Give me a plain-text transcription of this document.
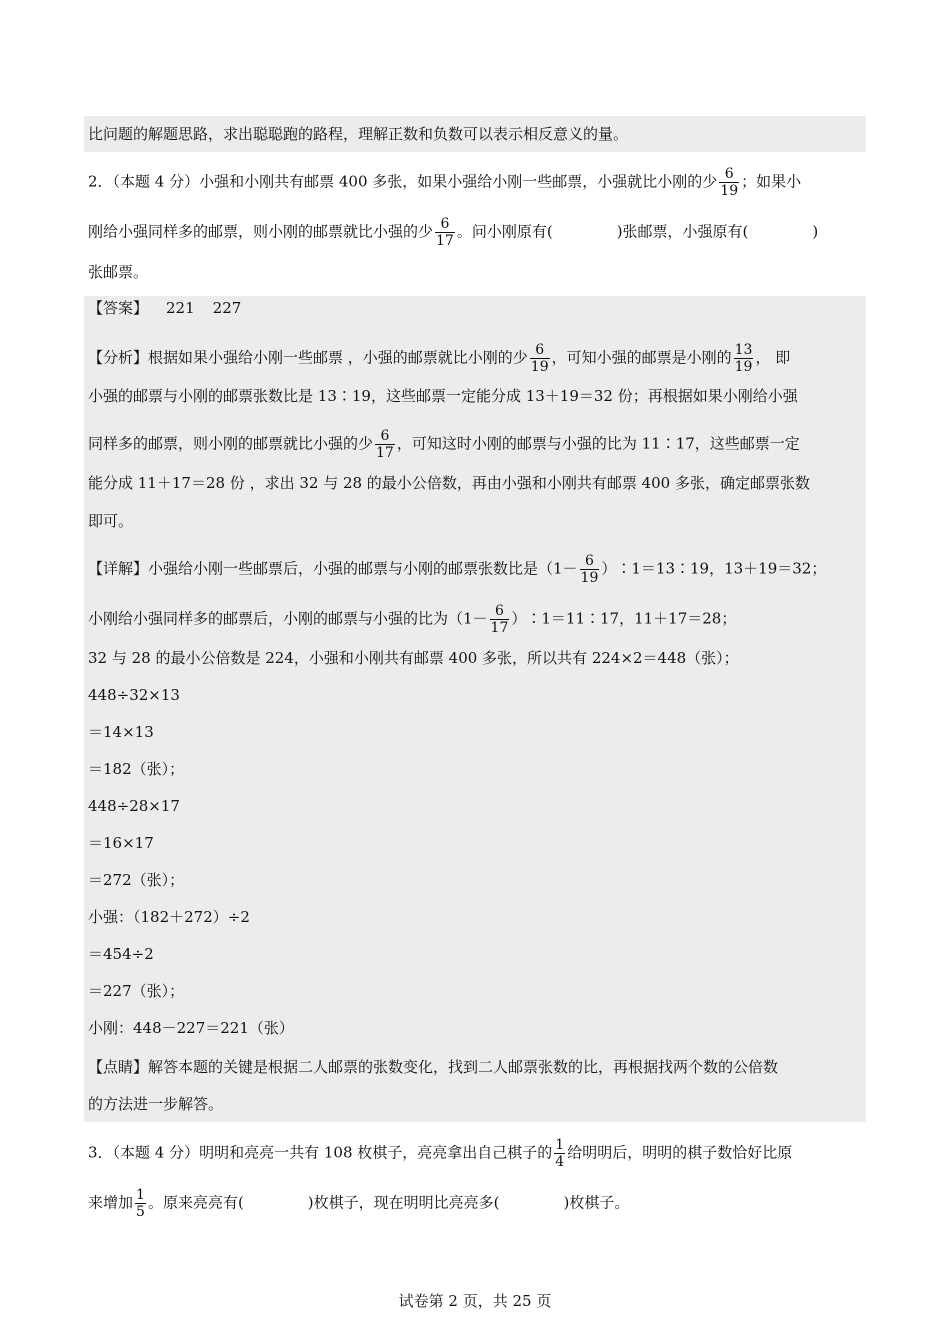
比问题的解题思路，求出聪聪跑的路程，理解正数和负数可以表示相反意义的量。
2．（本题 4 分）小强和小刚共有邮票 400 多张，如果小强给小刚一些邮票，小强就比小刚的少 $\frac{6}{19}$ ；如果小
刚给小强同样多的邮票，则小刚的邮票就比小强的少 $\frac{6}{17}$ 。问小刚原有(	)张邮票，小强原有(	)
张邮票。
【答案】 221 227
【分析】根据如果小强给小刚一些邮票 ，小强的邮票就比小刚的少 $\frac{6}{19}$ ，可知小强的邮票是小刚的 $\frac{13}{19}$ ， 即
小强的邮票与小刚的邮票张数比是 13∶19，这些邮票一定能分成 13＋19＝32 份；再根据如果小刚给小强
同样多的邮票，则小刚的邮票就比小强的少 $\frac{6}{17}$ ，可知这时小刚的邮票与小强的比为 11∶17，这些邮票一定
能分成 11＋17＝28 份 ，求出 32 与 28 的最小公倍数，再由小强和小刚共有邮票 400 多张，确定邮票张数
即可。
【详解】小强给小刚一些邮票后，小强的邮票与小刚的邮票张数比是（$1- \frac{6}{19}$ ）∶1＝13∶19，13＋19＝32；
小刚给小强同样多的邮票后，小刚的邮票与小强的比为（$1- \frac{6}{17}$ ）∶1＝11∶17，11＋17＝28；
32 与 28 的最小公倍数是 224，小强和小刚共有邮票 400 多张，所以共有 224×2＝448（张）；
448÷32×13
＝14×13
＝182（张）；
448÷28×17
＝16×17
＝272（张）；
小强：（182＋272）÷2
＝454÷2
＝227（张）；
小刚：448－227＝221（张）
【点睛】解答本题的关键是根据二人邮票的张数变化，找到二人邮票张数的比，再根据找两个数的公倍数
的方法进一步解答。
3．（本题 4 分）明明和亮亮一共有 108 枚棋子，亮亮拿出自己棋子的 $\frac{1}{4}$ 给明明后，明明的棋子数恰好比原
来增加 $\frac{1}{5}$ 。原来亮亮有(	)枚棋子，现在明明比亮亮多(	)枚棋子。
试卷第 2 页，共 25 页
